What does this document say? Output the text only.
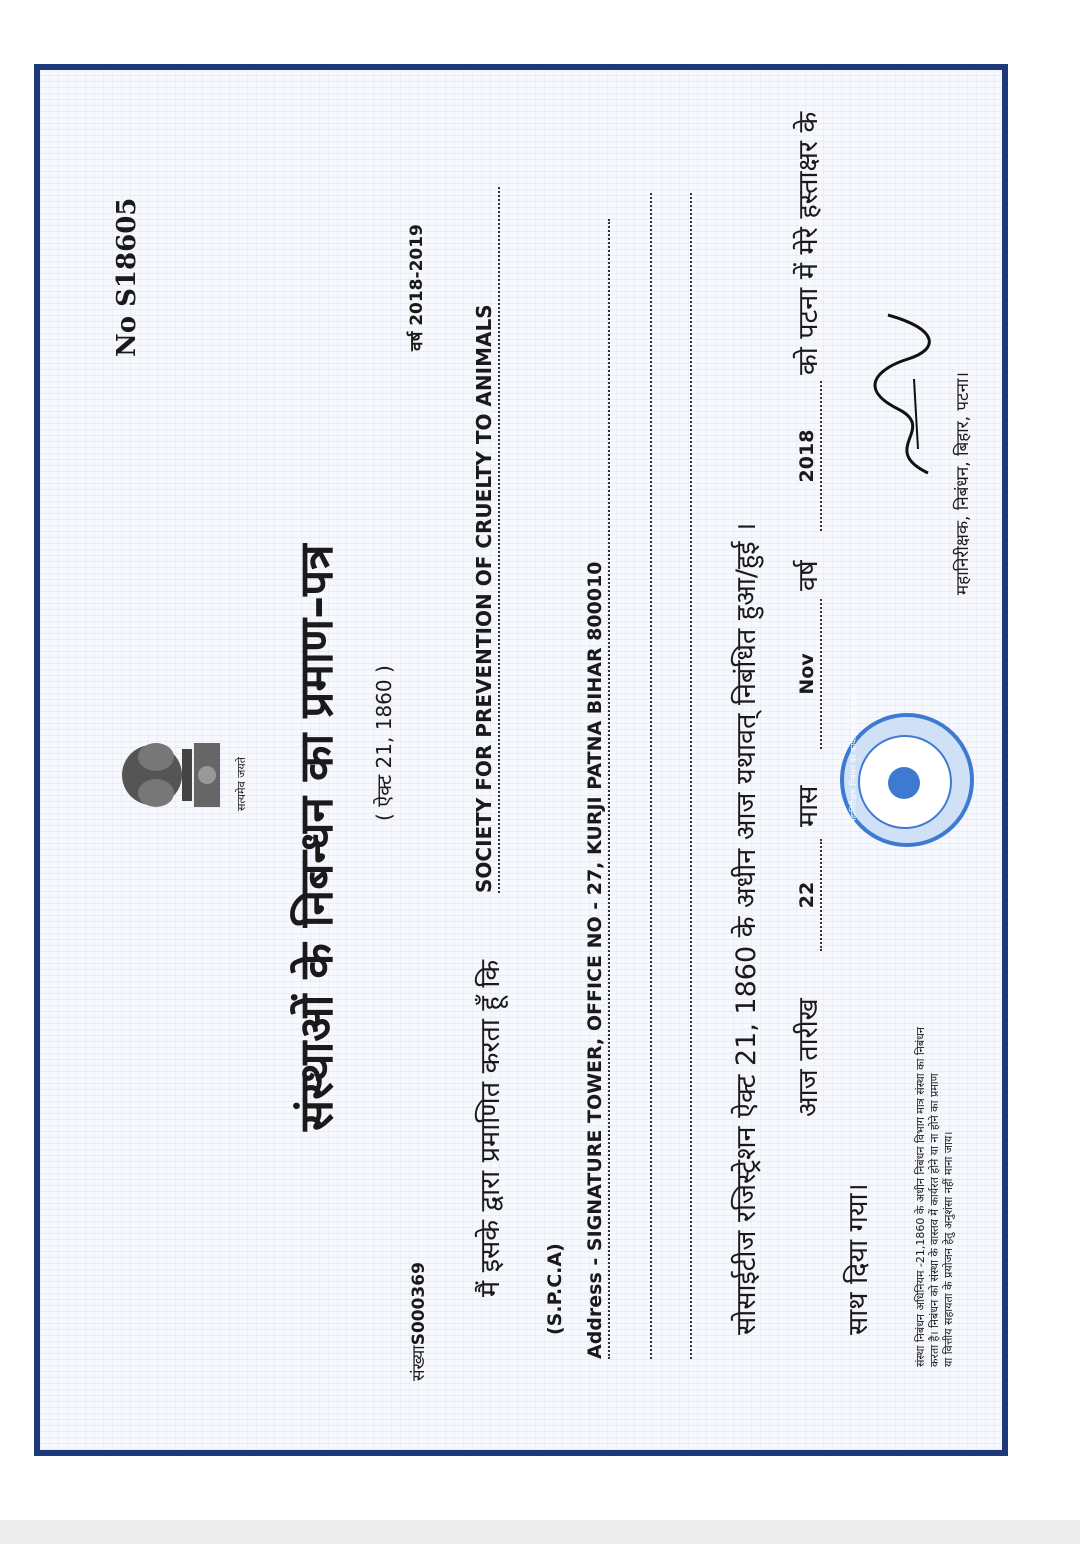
No S18605
सत्यमेव जयते संस्थाओं के निबन्धन का प्रमाण–पत्र ( ऐक्ट 21, 1860 )
वर्ष 2018-2019
संख्याS000369
मैं इसके द्वारा प्रमाणित करता हूँ कि
SOCIETY FOR PREVENTION OF CRUELTY TO ANIMALS
(S.P.C.A) Address - SIGNATURE TOWER, OFFICE NO - 27, KURJI PATNA BIHAR 800010	सोसाईटीज रजिस्ट्रेशन ऐक्ट 21, 1860 के अधीन आज यथावत् निबंधित हुआ/हुई । आज तारीख
22
मास
Nov
वर्ष
2018
को पटना में मेरे हस्ताक्षर के
साथ दिया गया।
महानिरीक्षक निबंधन का कार्यालय बिहार पटना
महानिरीक्षक, निबंधन, बिहार, पटना।
संस्था निबंधन अधिनियम -21,1860 के अधीन निबंधन विभाग मात्र संस्था का निबंधन करता है। निबंधन को संस्था के वास्तव में कार्यरत होने या ना होने का प्रमाण या वित्तीय सहायता के प्रयोजन हेतु अनुशंसा नहीं माना जाय।
